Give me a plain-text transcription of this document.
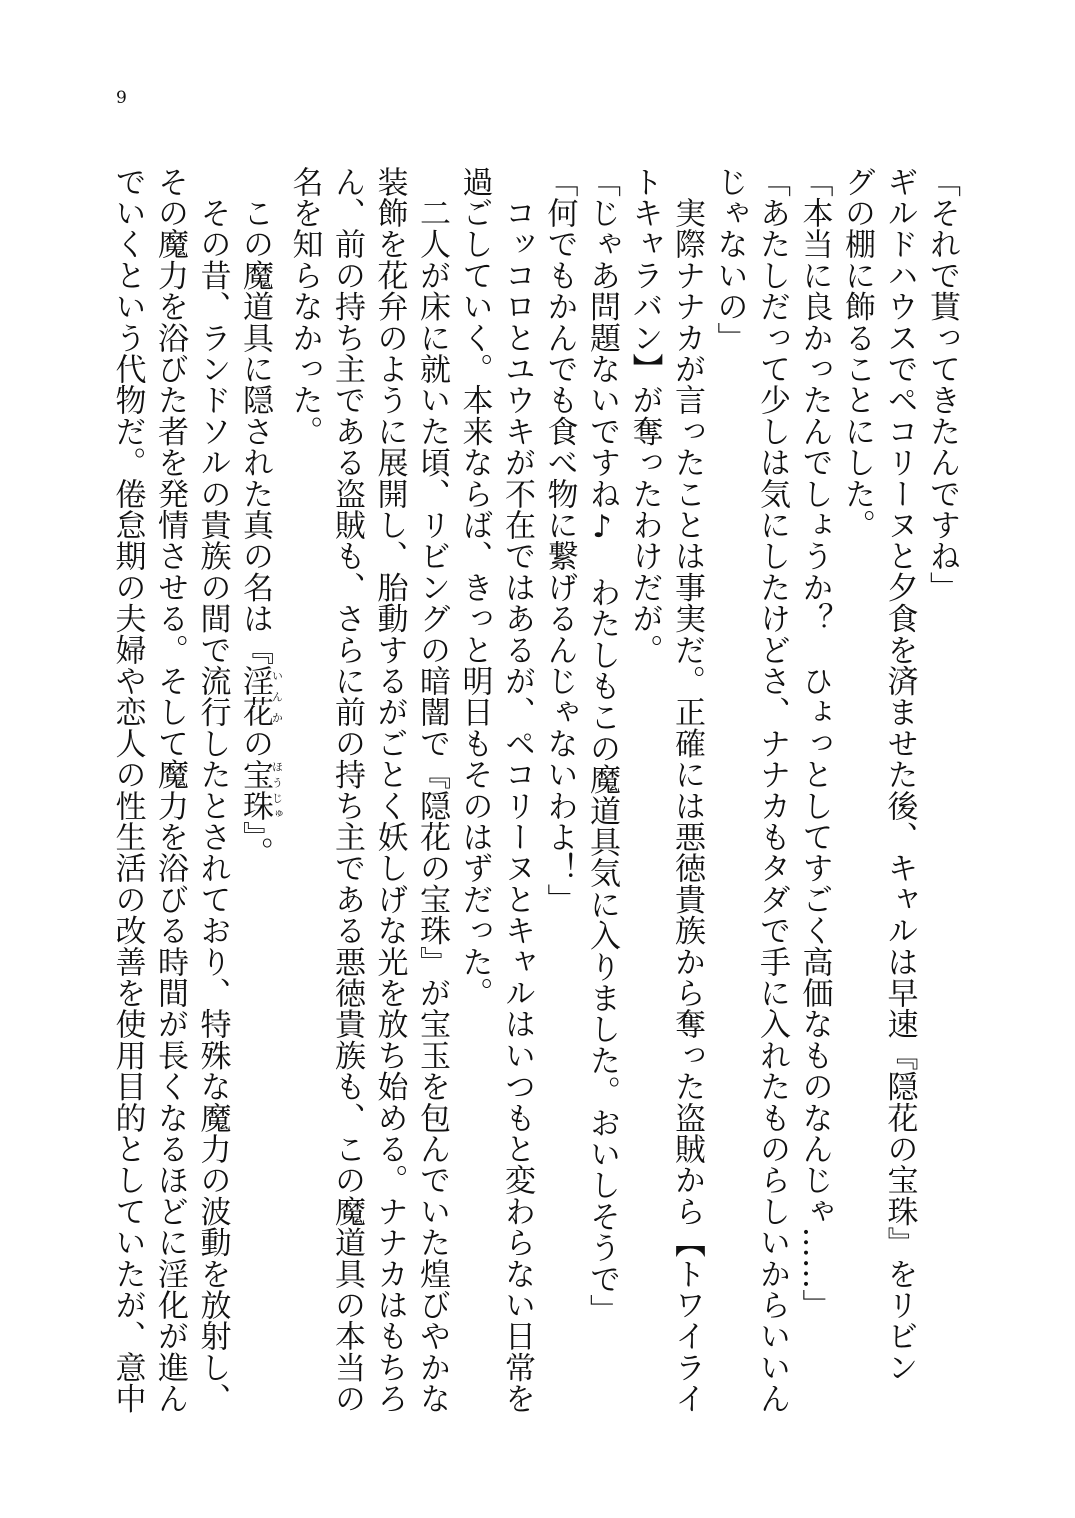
9
「それで貰ってきたんですね」
ギルドハウスでペコリーヌと夕食を済ませた後、キャルは早速『隠花の宝珠』をリビン
グの棚に飾ることにした。
「本当に良かったんでしょうか？　ひょっとしてすごく高価なものなんじゃ……」
「あたしだって少しは気にしたけどさ、ナナカもタダで手に入れたものらしいからいいん
じゃないの」
　実際ナナカが言ったことは事実だ。正確には悪徳貴族から奪った盗賊から【トワイライ
トキャラバン】が奪ったわけだが。
「じゃあ問題ないですね♪　わたしもこの魔道具気に入りました。おいしそうで」
「何でもかんでも食べ物に繋げるんじゃないわよ！」
　コッコロとユウキが不在ではあるが、ペコリーヌとキャルはいつもと変わらない日常を
過ごしていく。本来ならば、きっと明日もそのはずだった。
　二人が床に就いた頃、リビングの暗闇で『隠花の宝珠』が宝玉を包んでいた煌びやかな
装飾を花弁のように展開し、胎動するがごとく妖しげな光を放ち始める。ナナカはもちろ
ん、前の持ち主である盗賊も、さらに前の持ち主である悪徳貴族も、この魔道具の本当の
名を知らなかった。
　この魔道具に隠された真の名は『淫花いんかの宝珠ほうじゅ』。
　その昔、ランドソルの貴族の間で流行したとされており、特殊な魔力の波動を放射し、
その魔力を浴びた者を発情させる。そして魔力を浴びる時間が長くなるほどに淫化が進ん
でいくという代物だ。倦怠期の夫婦や恋人の性生活の改善を使用目的としていたが、意中
